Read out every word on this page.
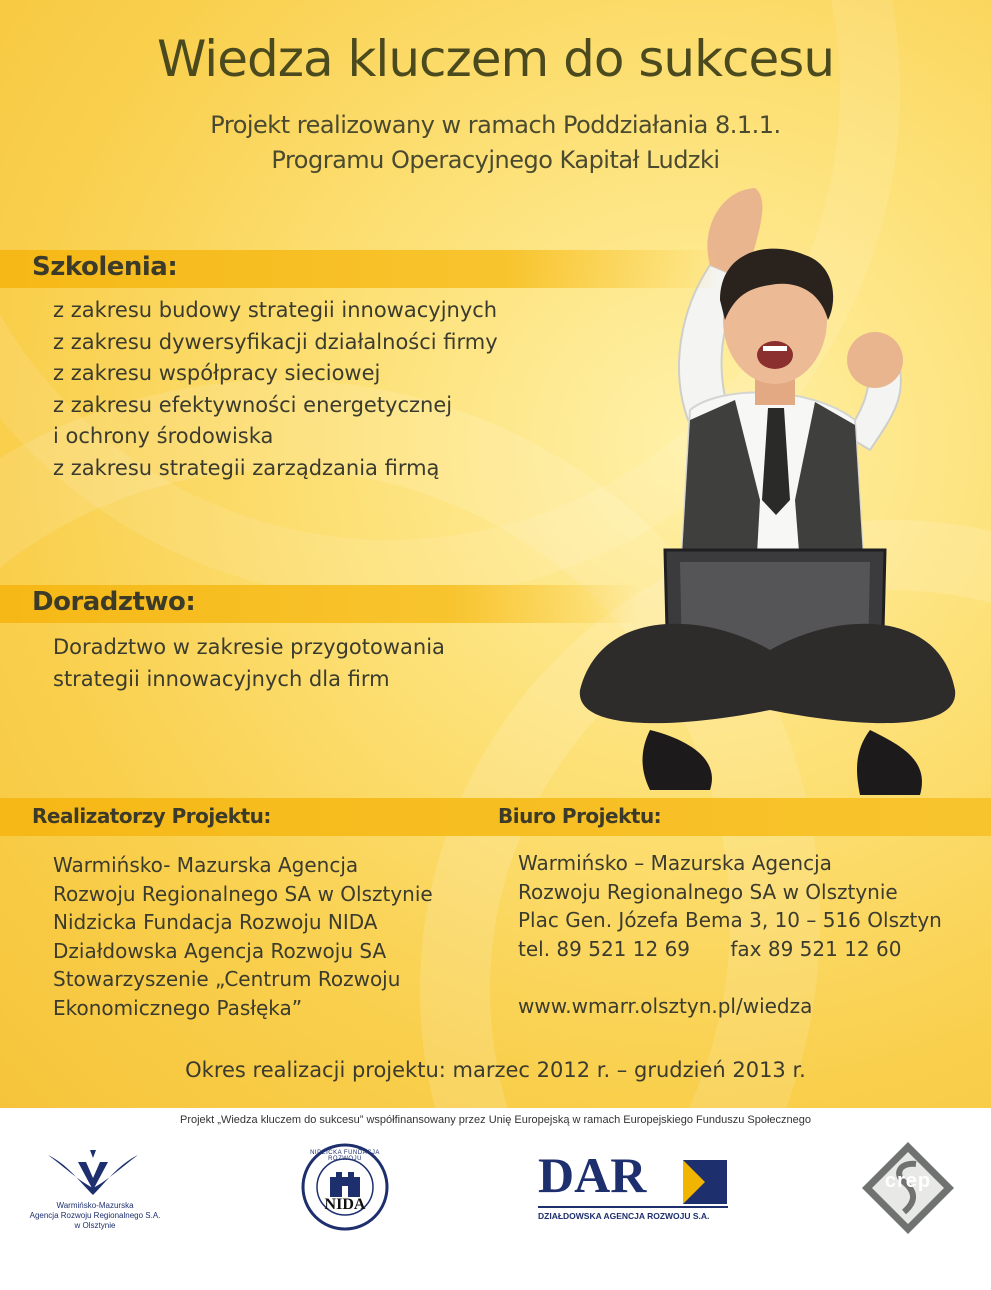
Wiedza kluczem do sukcesu
Projekt realizowany w ramach Poddziałania 8.1.1.
Programu Operacyjnego Kapitał Ludzki
Szkolenia:
z zakresu budowy strategii innowacyjnych
z zakresu dywersyfikacji działalności firmy
z zakresu współpracy sieciowej
z zakresu efektywności energetycznej
i ochrony środowiska
z zakresu strategii zarządzania firmą
Doradztwo:
Doradztwo w zakresie przygotowania
strategii innowacyjnych dla firm
Realizatorzy Projektu:	Biuro Projektu:
Warmińsko- Mazurska Agencja
Rozwoju Regionalnego SA w Olsztynie
Nidzicka Fundacja Rozwoju NIDA
Działdowska Agencja Rozwoju SA
Stowarzyszenie „Centrum Rozwoju
Ekonomicznego Pasłęka”
Warmińsko – Mazurska Agencja
Rozwoju Regionalnego SA w Olsztynie
Plac Gen. Józefa Bema 3, 10 – 516 Olsztyn
tel. 89 521 12 69 fax 89 521 12 60
www.wmarr.olsztyn.pl/wiedza
Okres realizacji projektu: marzec 2012 r. – grudzień 2013 r.
Projekt „Wiedza kluczem do sukcesu” współfinansowany przez Unię Europejską w ramach Europejskiego Funduszu Społecznego
Warmińsko-Mazurska
Agencja Rozwoju Regionalnego S.A.
w Olsztynie
NIDZICKA FUNDACJA ROZWOJU
NIDA
DAR
DZIAŁDOWSKA AGENCJA ROZWOJU S.A.
crep
